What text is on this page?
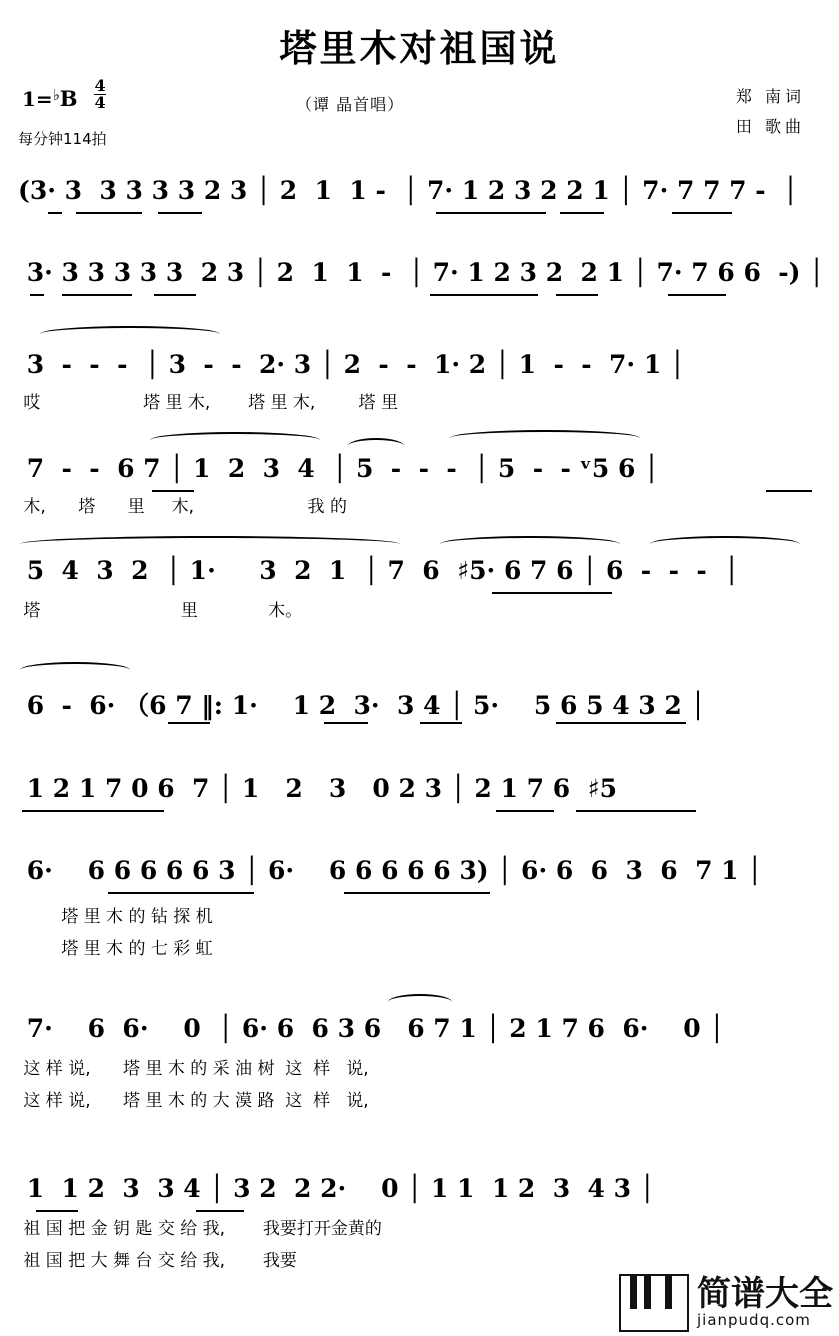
塔里木对祖国说
$1=^♭B \frac{4}{4}$
每分钟114拍
（谭 晶首唱）	郑 南词
田 歌曲
(3· 3  3 3 3 3 2 3 │ 2  1  1 -  │ 7· 1 2 3 2 2 1 │ 7· 7 7 7 -  │
3· 3 3 3 3 3  2 3 │ 2  1  1  -  │ 7· 1 2 3 2  2 1 │ 7· 7 6 6  -) │
3  -  -  -  │ 3  -  -  2· 3 │ 2  -  -  1· 2 │ 1  -  -  7· 1 │
哎                   塔 里 木,       塔 里 木,        塔 里
7  -  -  6 7 │ 1  2  3  4  │ 5  -  -  -  │ 5  -  - ᵛ5 6 │
木,      塔      里     木,                     我 的
5  4  3  2  │ 1·     3  2  1  │ 7  6  ♯5· 6 7 6 │ 6  -  -  -  │
塔                          里             木。
6  -  6· （6 7 ‖: 1·    1 2  3·  3 4 │ 5·    5 6 5 4 3 2 │
1 2 1 7 0 6  7 │ 1   2   3   0 2 3 │ 2 1 7 6  ♯5
6·    6 6 6 6 6 3 │ 6·    6 6 6 6 6 3) │ 6· 6  6  3  6  7 1 │
塔 里 木 的 钻 探 机
塔 里 木 的 七 彩 虹
7·    6  6·    0  │ 6· 6  6 3 6   6 7 1 │ 2 1 7 6  6·    0 │
这 样 说,      塔 里 木 的 采 油 树  这  样   说,
这 样 说,      塔 里 木 的 大 漠 路  这  样   说,
1  1 2  3  3 4 │ 3 2  2 2·    0 │ 1 1  1 2  3  4 3 │
祖 国 把 金 钥 匙 交 给 我,       我要打开金黄的
祖 国 把 大 舞 台 交 给 我,       我要
简谱大全
jianpudq.com
